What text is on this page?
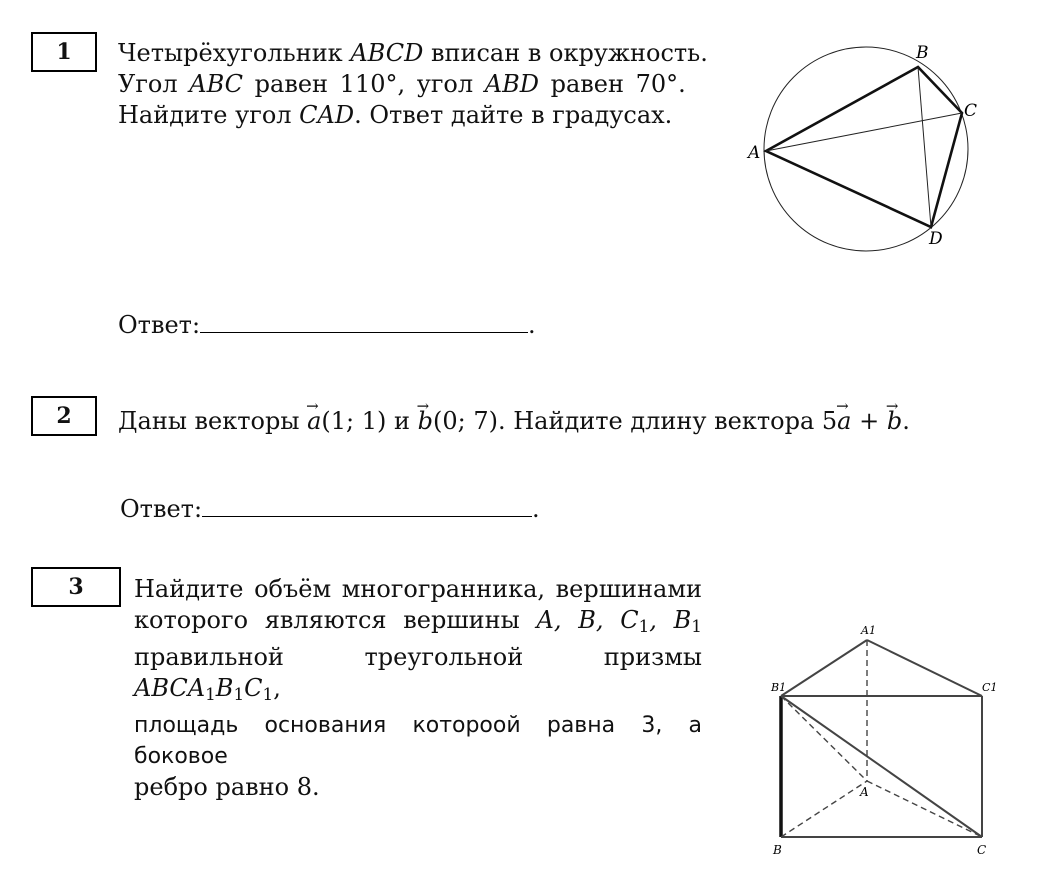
1 Четырёхугольник ABCD вписан в окружность.
Угол ABC равен 110°, угол ABD равен 70°.
Найдите угол CAD. Ответ дайте в градусах.
A
B
C
D
Ответ:	.
2 Даны векторы → a(1; 1) и → b(0; 7). Найдите длину вектора 5→ a + → b.
Ответ:	.
3 Найдите объём многогранника, вершинами
которого являются вершины A, B, $C_1$, $B_1$
правильной треугольной призмы $ABCA_1B_1C_1$,
площадь основания котороой равна 3, а боковое
ребро равно 8.
A1
B1	C1
A
B	C
